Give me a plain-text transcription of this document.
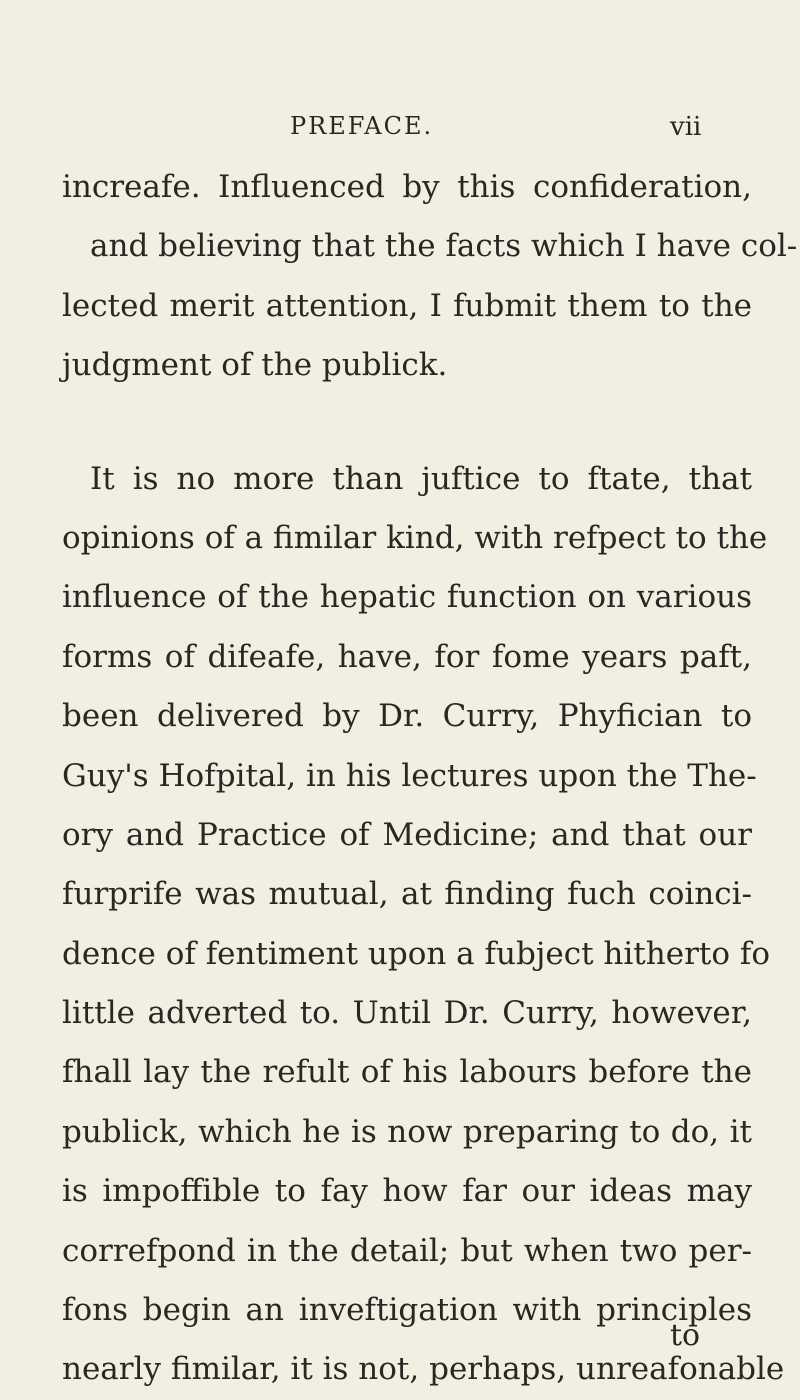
PREFACE.	vii
increafe. Influenced by this confideration,
and believing that the facts which I have col-
lected merit attention, I fubmit them to the
judgment of the publick.
It is no more than juftice to ftate, that
opinions of a fimilar kind, with refpect to the
influence of the hepatic function on various
forms of difeafe, have, for fome years paft,
been delivered by Dr. Curry, Phyfician to
Guy's Hofpital, in his lectures upon the The-
ory and Practice of Medicine; and that our
furprife was mutual, at finding fuch coinci-
dence of fentiment upon a fubject hitherto fo
little adverted to. Until Dr. Curry, however,
fhall lay the refult of his labours before the
publick, which he is now preparing to do, it
is impoffible to fay how far our ideas may
correfpond in the detail; but when two per-
fons begin an inveftigation with principles
nearly fimilar, it is not, perhaps, unreafonable
to
